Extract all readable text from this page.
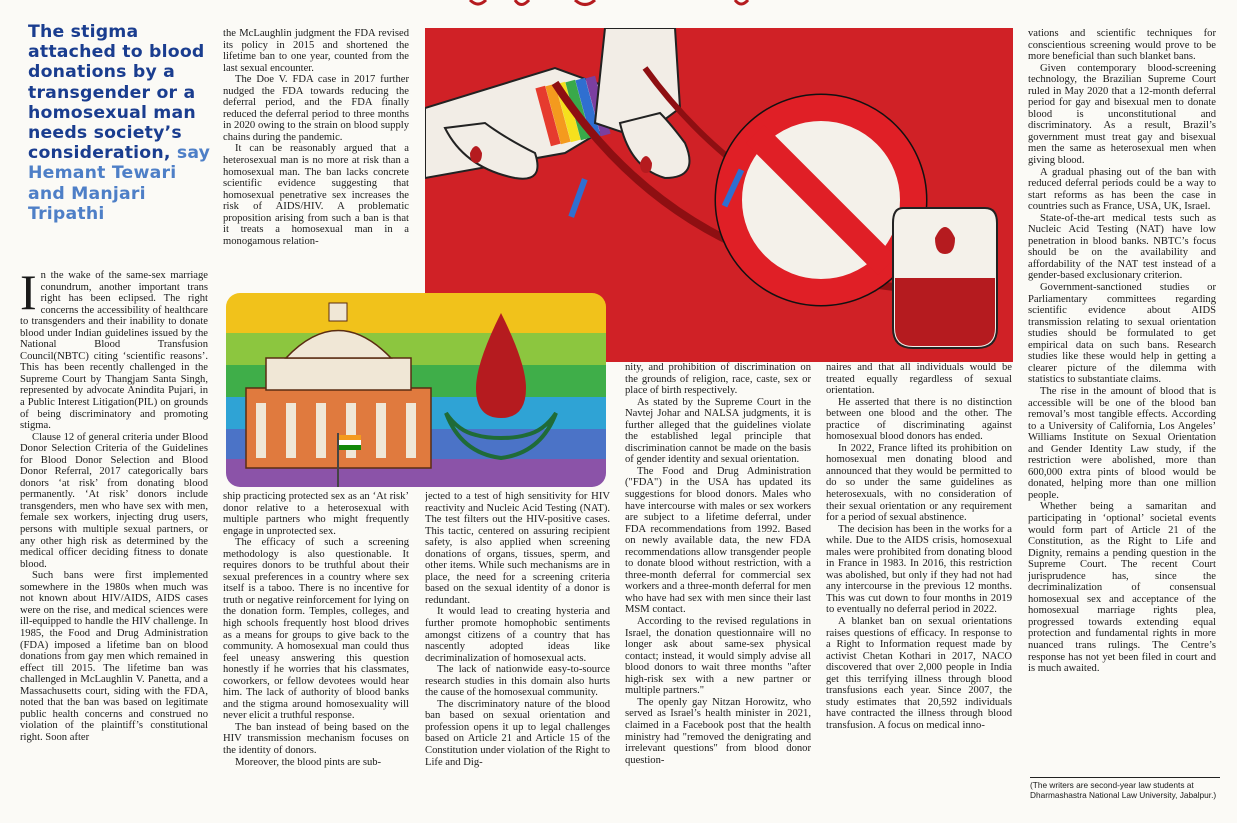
The stigma attached to blood donations by a transgender or a homosexual man needs society’s consideration, say Hemant Tewari and Manjari Tripathi

In the wake of the same-sex marriage conundrum, another important trans right has been eclipsed. The right concerns the accessibility of healthcare to transgenders and their inability to donate blood under Indian guidelines issued by the National Blood Transfusion Council(NBTC) citing ‘scientific reasons’. This has been recently challenged in the Supreme Court by Thangjam Santa Singh, represented by advocate Anindita Pujari, in a Public Interest Litigation(PIL) on grounds of being discriminatory and promoting stigma.

Clause 12 of general criteria under Blood Donor Selection Criteria of the Guidelines for Blood Donor Selection and Blood Donor Referral, 2017 categorically bars donors ‘at risk’ from donating blood permanently. ‘At risk’ donors include transgenders, men who have sex with men, female sex workers, injecting drug users, persons with multiple sexual partners, or any other high risk as determined by the medical officer deciding fitness to donate blood.

Such bans were first implemented somewhere in the 1980s when much was not known about HIV/AIDS, AIDS cases were on the rise, and medical sciences were ill-equipped to handle the HIV challenge. In 1985, the Food and Drug Administration (FDA) imposed a lifetime ban on blood donations from gay men which remained in effect till 2015. The lifetime ban was challenged in McLaughlin V. Panetta, and a Massachusetts court, siding with the FDA, noted that the ban was based on legitimate public health concerns and construed no violation of the plaintiff’s constitutional right. Soon after

the McLaughlin judgment the FDA revised its policy in 2015 and shortened the lifetime ban to one year, counted from the last sexual encounter.

The Doe V. FDA case in 2017 further nudged the FDA towards reducing the deferral period, and the FDA finally reduced the deferral period to three months in 2020 owing to the strain on blood supply chains during the pandemic.

It can be reasonably argued that a heterosexual man is no more at risk than a homosexual man. The ban lacks concrete scientific evidence suggesting that homosexual penetrative sex increases the risk of AIDS/HIV. A problematic proposition arising from such a ban is that it treats a homosexual man in a monogamous relation-

ship practicing protected sex as an ‘At risk’ donor relative to a heterosexual with multiple partners who might frequently engage in unprotected sex.

The efficacy of such a screening methodology is also questionable. It requires donors to be truthful about their sexual preferences in a country where sex itself is a taboo. There is no incentive for truth or negative reinforcement for lying on the donation form. Temples, colleges, and high schools frequently host blood drives as a means for groups to give back to the community. A homosexual man could thus feel uneasy answering this question honestly if he worries that his classmates, coworkers, or fellow devotees would hear him. The lack of authority of blood banks and the stigma around homosexuality will never elicit a truthful response.

The ban instead of being based on the HIV transmission mechanism focuses on the identity of donors.

Moreover, the blood pints are sub-

jected to a test of high sensitivity for HIV reactivity and Nucleic Acid Testing (NAT). The test filters out the HIV-positive cases. This tactic, centered on assuring recipient safety, is also applied when screening donations of organs, tissues, sperm, and other items. While such mechanisms are in place, the need for a screening criteria based on the sexual identity of a donor is redundant.

It would lead to creating hysteria and further promote homophobic sentiments amongst citizens of a country that has nascently adopted ideas like decriminalization of homosexual acts.

The lack of nationwide easy-to-source research studies in this domain also hurts the cause of the homosexual community.

The discriminatory nature of the blood ban based on sexual orientation and profession opens it up to legal challenges based on Article 21 and Article 15 of the Constitution under violation of the Right to Life and Dig-

nity, and prohibition of discrimination on the grounds of religion, race, caste, sex or place of birth respectively.

As stated by the Supreme Court in the Navtej Johar and NALSA judgments, it is further alleged that the guidelines violate the established legal principle that discrimination cannot be made on the basis of gender identity and sexual orientation.

The Food and Drug Administration ("FDA") in the USA has updated its suggestions for blood donors. Males who have intercourse with males or sex workers are subject to a lifetime deferral, under FDA recommendations from 1992. Based on newly available data, the new FDA recommendations allow transgender people to donate blood without restriction, with a three-month deferral for commercial sex workers and a three-month deferral for men who have had sex with men since their last MSM contact.

According to the revised regulations in Israel, the donation questionnaire will no longer ask about same-sex physical contact; instead, it would simply advise all blood donors to wait three months "after high-risk sex with a new partner or multiple partners."

The openly gay Nitzan Horowitz, who served as Israel’s health minister in 2021, claimed in a Facebook post that the health ministry had "removed the denigrating and irrelevant questions" from blood donor question-

naires and that all individuals would be treated equally regardless of sexual orientation.

He asserted that there is no distinction between one blood and the other. The practice of discriminating against homosexual blood donors has ended.

In 2022, France lifted its prohibition on homosexual men donating blood and announced that they would be permitted to do so under the same guidelines as heterosexuals, with no consideration of their sexual orientation or any requirement for a period of sexual abstinence.

The decision has been in the works for a while. Due to the AIDS crisis, homosexual males were prohibited from donating blood in France in 1983. In 2016, this restriction was abolished, but only if they had not had any intercourse in the previous 12 months. This was cut down to four months in 2019 to eventually no deferral period in 2022.

A blanket ban on sexual orientations raises questions of efficacy. In response to a Right to Information request made by activist Chetan Kothari in 2017, NACO discovered that over 2,000 people in India get this terrifying illness through blood transfusions each year. Since 2007, the study estimates that 20,592 individuals have contracted the illness through blood transfusion. A focus on medical inno-

vations and scientific techniques for conscientious screening would prove to be more beneficial than such blanket bans.

Given contemporary blood-screening technology, the Brazilian Supreme Court ruled in May 2020 that a 12-month deferral period for gay and bisexual men to donate blood is unconstitutional and discriminatory. As a result, Brazil’s government must treat gay and bisexual men the same as heterosexual men when giving blood.

A gradual phasing out of the ban with reduced deferral periods could be a way to start reforms as has been the case in countries such as France, USA, UK, Israel.

State-of-the-art medical tests such as Nucleic Acid Testing (NAT) have low penetration in blood banks. NBTC’s focus should be on the availability and affordability of the NAT test instead of a gender-based exclusionary criterion.

Government-sanctioned studies or Parliamentary committees regarding scientific evidence about AIDS transmission relating to sexual orientation studies should be formulated to get empirical data on such bans. Research studies like these would help in getting a clearer picture of the dilemma with statistics to substantiate claims.

The rise in the amount of blood that is accessible will be one of the blood ban removal’s most tangible effects. According to a University of California, Los Angeles’ Williams Institute on Sexual Orientation and Gender Identity Law study, if the restriction were abolished, more than 600,000 extra pints of blood would be donated, helping more than one million people.

Whether being a samaritan and participating in ‘optional’ societal events would form part of Article 21 of the Constitution, as the Right to Life and Dignity, remains a pending question in the Supreme Court. The recent Court jurisprudence has, since the decriminalization of consensual homosexual sex and acceptance of the homosexual marriage rights plea, progressed towards extending equal protection and fundamental rights in more nuanced trans rulings. The Centre’s response has not yet been filed in court and is much awaited.

(The writers are second-year law students at Dharmashastra National Law University, Jabalpur.)
